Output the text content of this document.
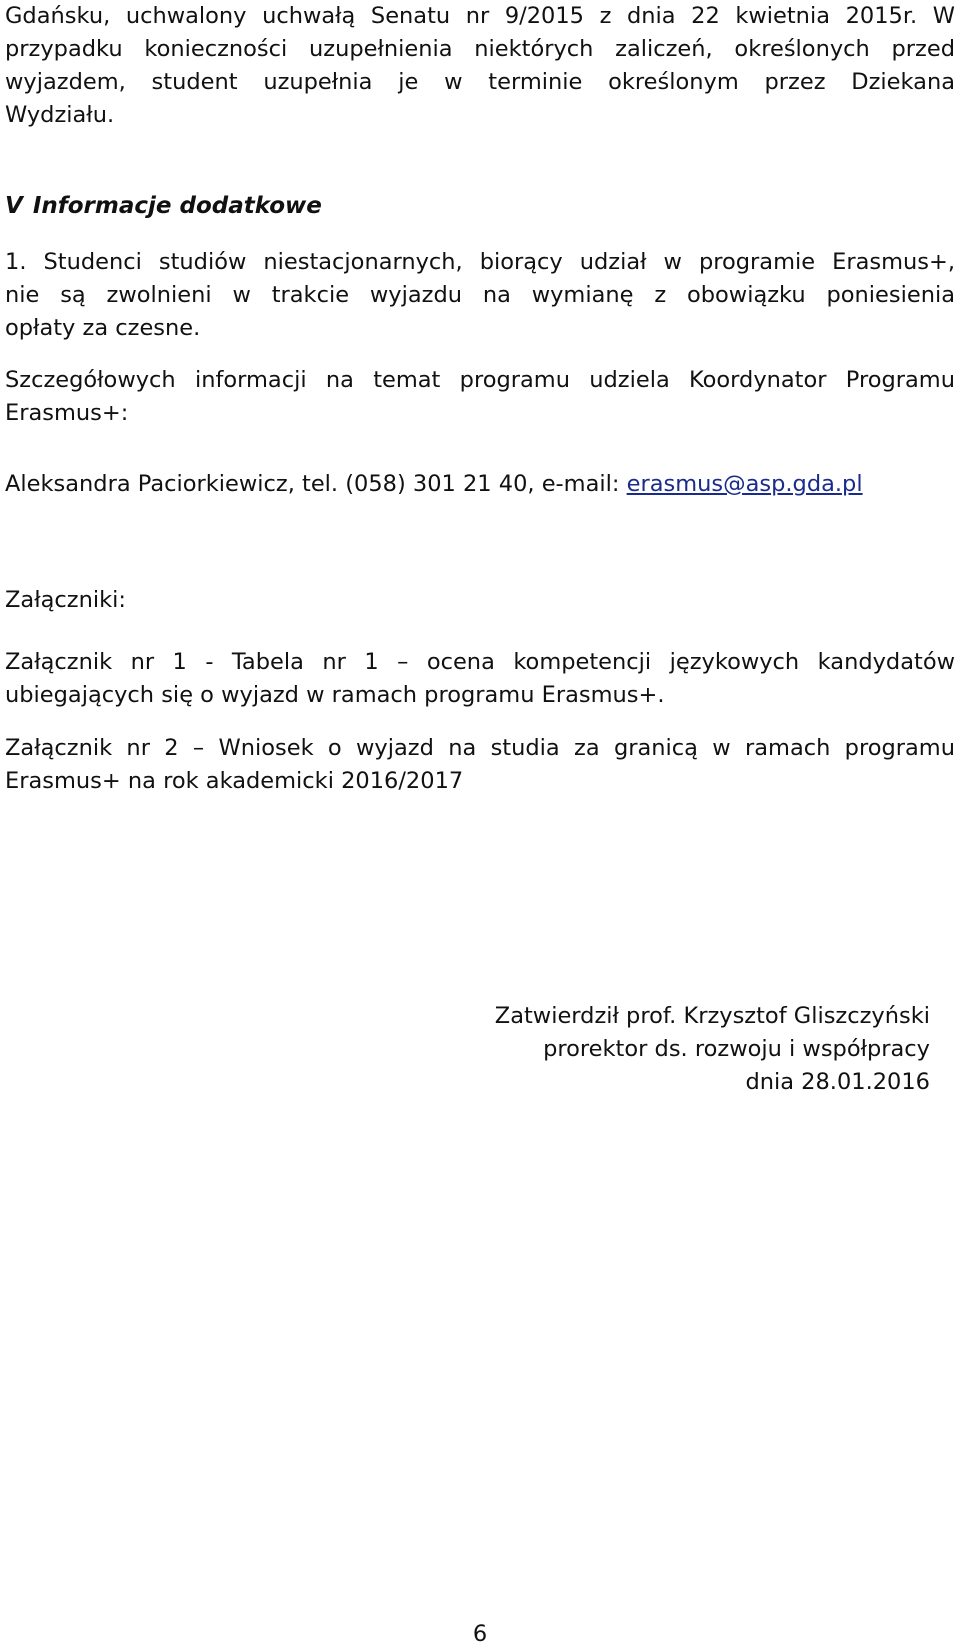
Gdańsku, uchwalony uchwałą Senatu nr 9/2015 z dnia 22 kwietnia 2015r. W
przypadku konieczności uzupełnienia niektórych zaliczeń, określonych przed
wyjazdem, student uzupełnia je w terminie określonym przez Dziekana
Wydziału.

V Informacje dodatkowe

1. Studenci studiów niestacjonarnych, biorący udział w programie Erasmus+,
nie są zwolnieni w trakcie wyjazdu na wymianę z obowiązku poniesienia
opłaty za czesne.

Szczegółowych informacji na temat programu udziela Koordynator Programu
Erasmus+:

Aleksandra Paciorkiewicz, tel. (058) 301 21 40, e-mail: erasmus@asp.gda.pl

Załączniki:

Załącznik nr 1 - Tabela nr 1 – ocena kompetencji językowych kandydatów
ubiegających się o wyjazd w ramach programu Erasmus+.

Załącznik nr 2 – Wniosek o wyjazd na studia za granicą w ramach programu
Erasmus+ na rok akademicki 2016/2017

Zatwierdził prof. Krzysztof Gliszczyński
prorektor ds. rozwoju i współpracy
dnia 28.01.2016
6
